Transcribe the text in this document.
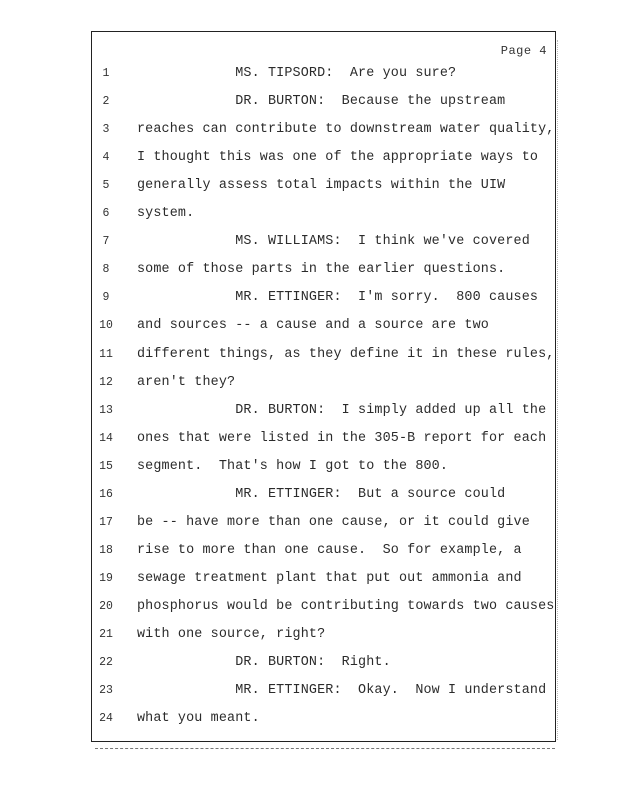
Page 4
1	MS. TIPSORD:  Are you sure?
2	DR. BURTON:  Because the upstream
3	reaches can contribute to downstream water quality,
4	I thought this was one of the appropriate ways to
5	generally assess total impacts within the UIW
6	system.
7	MS. WILLIAMS:  I think we've covered
8	some of those parts in the earlier questions.
9	MR. ETTINGER:  I'm sorry.  800 causes
10	and sources -- a cause and a source are two
11	different things, as they define it in these rules,
12	aren't they?
13	DR. BURTON:  I simply added up all the
14	ones that were listed in the 305-B report for each
15	segment.  That's how I got to the 800.
16	MR. ETTINGER:  But a source could
17	be -- have more than one cause, or it could give
18	rise to more than one cause.  So for example, a
19	sewage treatment plant that put out ammonia and
20	phosphorus would be contributing towards two causes
21	with one source, right?
22	DR. BURTON:  Right.
23	MR. ETTINGER:  Okay.  Now I understand
24	what you meant.
